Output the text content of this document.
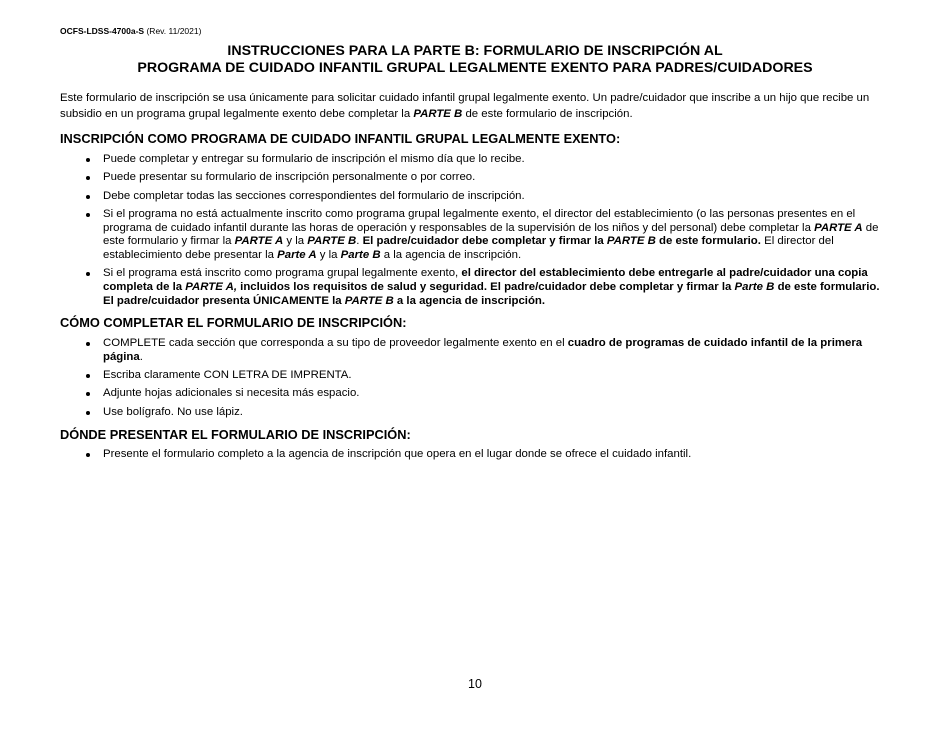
OCFS-LDSS-4700a-S (Rev. 11/2021)
INSTRUCCIONES PARA LA PARTE B: FORMULARIO DE INSCRIPCIÓN AL
PROGRAMA DE CUIDADO INFANTIL GRUPAL LEGALMENTE EXENTO PARA PADRES/CUIDADORES
Este formulario de inscripción se usa únicamente para solicitar cuidado infantil grupal legalmente exento. Un padre/cuidador que inscribe a un hijo que recibe un subsidio en un programa grupal legalmente exento debe completar la PARTE B de este formulario de inscripción.
INSCRIPCIÓN COMO PROGRAMA DE CUIDADO INFANTIL GRUPAL LEGALMENTE EXENTO:
Puede completar y entregar su formulario de inscripción el mismo día que lo recibe.
Puede presentar su formulario de inscripción personalmente o por correo.
Debe completar todas las secciones correspondientes del formulario de inscripción.
Si el programa no está actualmente inscrito como programa grupal legalmente exento, el director del establecimiento (o las personas presentes en el programa de cuidado infantil durante las horas de operación y responsables de la supervisión de los niños y del personal) debe completar la PARTE A de este formulario y firmar la PARTE A y la PARTE B. El padre/cuidador debe completar y firmar la PARTE B de este formulario. El director del establecimiento debe presentar la Parte A y la Parte B a la agencia de inscripción.
Si el programa está inscrito como programa grupal legalmente exento, el director del establecimiento debe entregarle al padre/cuidador una copia completa de la PARTE A, incluidos los requisitos de salud y seguridad. El padre/cuidador debe completar y firmar la Parte B de este formulario. El padre/cuidador presenta ÚNICAMENTE la PARTE B a la agencia de inscripción.
CÓMO COMPLETAR EL FORMULARIO DE INSCRIPCIÓN:
COMPLETE cada sección que corresponda a su tipo de proveedor legalmente exento en el cuadro de programas de cuidado infantil de la primera página.
Escriba claramente CON LETRA DE IMPRENTA.
Adjunte hojas adicionales si necesita más espacio.
Use bolígrafo. No use lápiz.
DÓNDE PRESENTAR EL FORMULARIO DE INSCRIPCIÓN:
Presente el formulario completo a la agencia de inscripción que opera en el lugar donde se ofrece el cuidado infantil.
10
